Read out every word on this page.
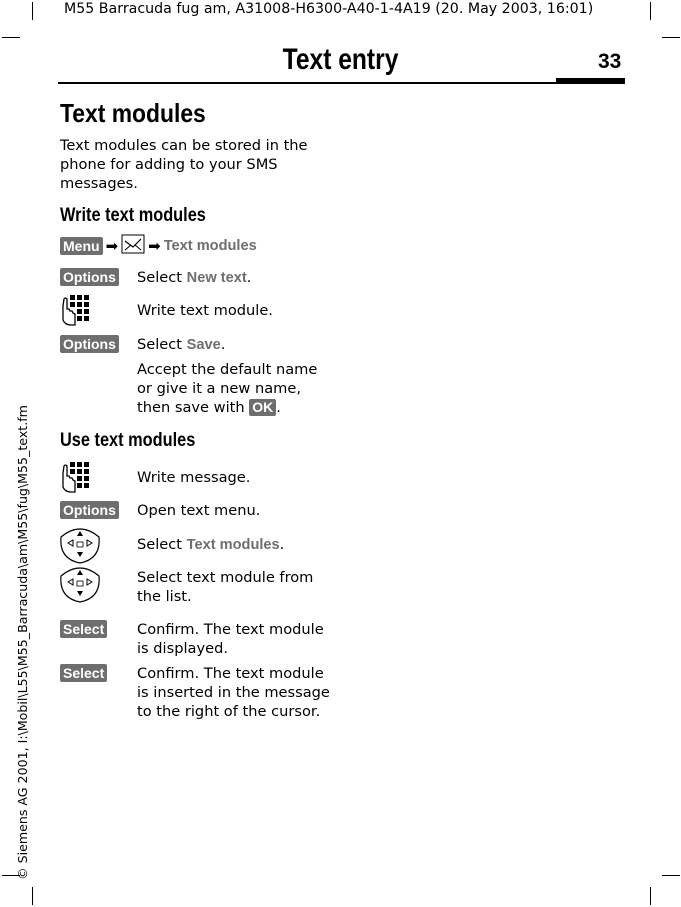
M55 Barracuda fug am, A31008-H6300-A40-1-4A19 (20. May 2003, 16:01)
© Siemens AG 2001, I:\Mobil\L55\M55_Barracuda\am\M55\fug\M55_text.fm
Text entry	33
Text modules
Text modules can be stored in the phone for adding to your SMS messages.
Write text modules
Menu ➡ ➡ Text modules
Options Select New text.
Write text module.
Options Select Save.
Accept the default name or give it a new name, then save with OK .
Use text modules
Write message.
Options Open text menu.
Select Text modules.
Select text module from the list.
Select Confirm. The text module is displayed.
Select Confirm. The text module is inserted in the message to the right of the cursor.
